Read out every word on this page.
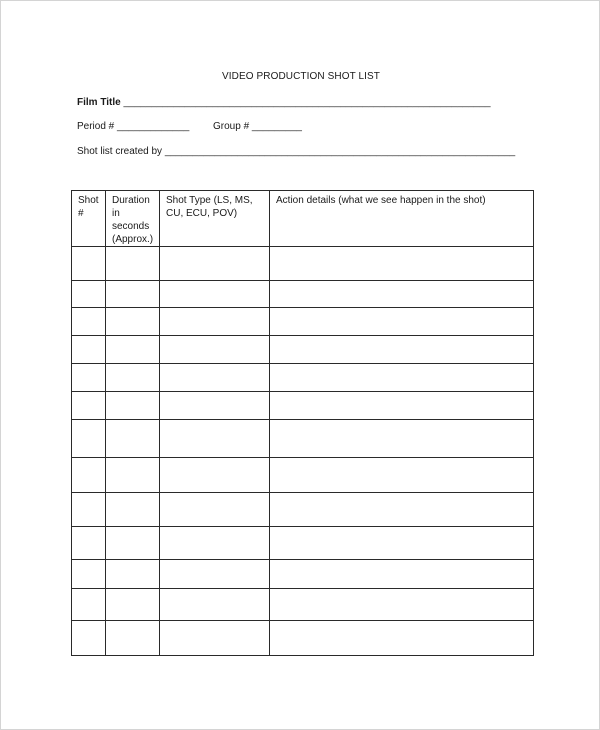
VIDEO PRODUCTION SHOT LIST
Film Title __________________________________________________________________
Period # _____________ Group # _________
Shot list created by _______________________________________________________________
Shot #	Duration in seconds (Approx.)	Shot Type (LS, MS, CU, ECU, POV)	Action details (what we see happen in the shot)
